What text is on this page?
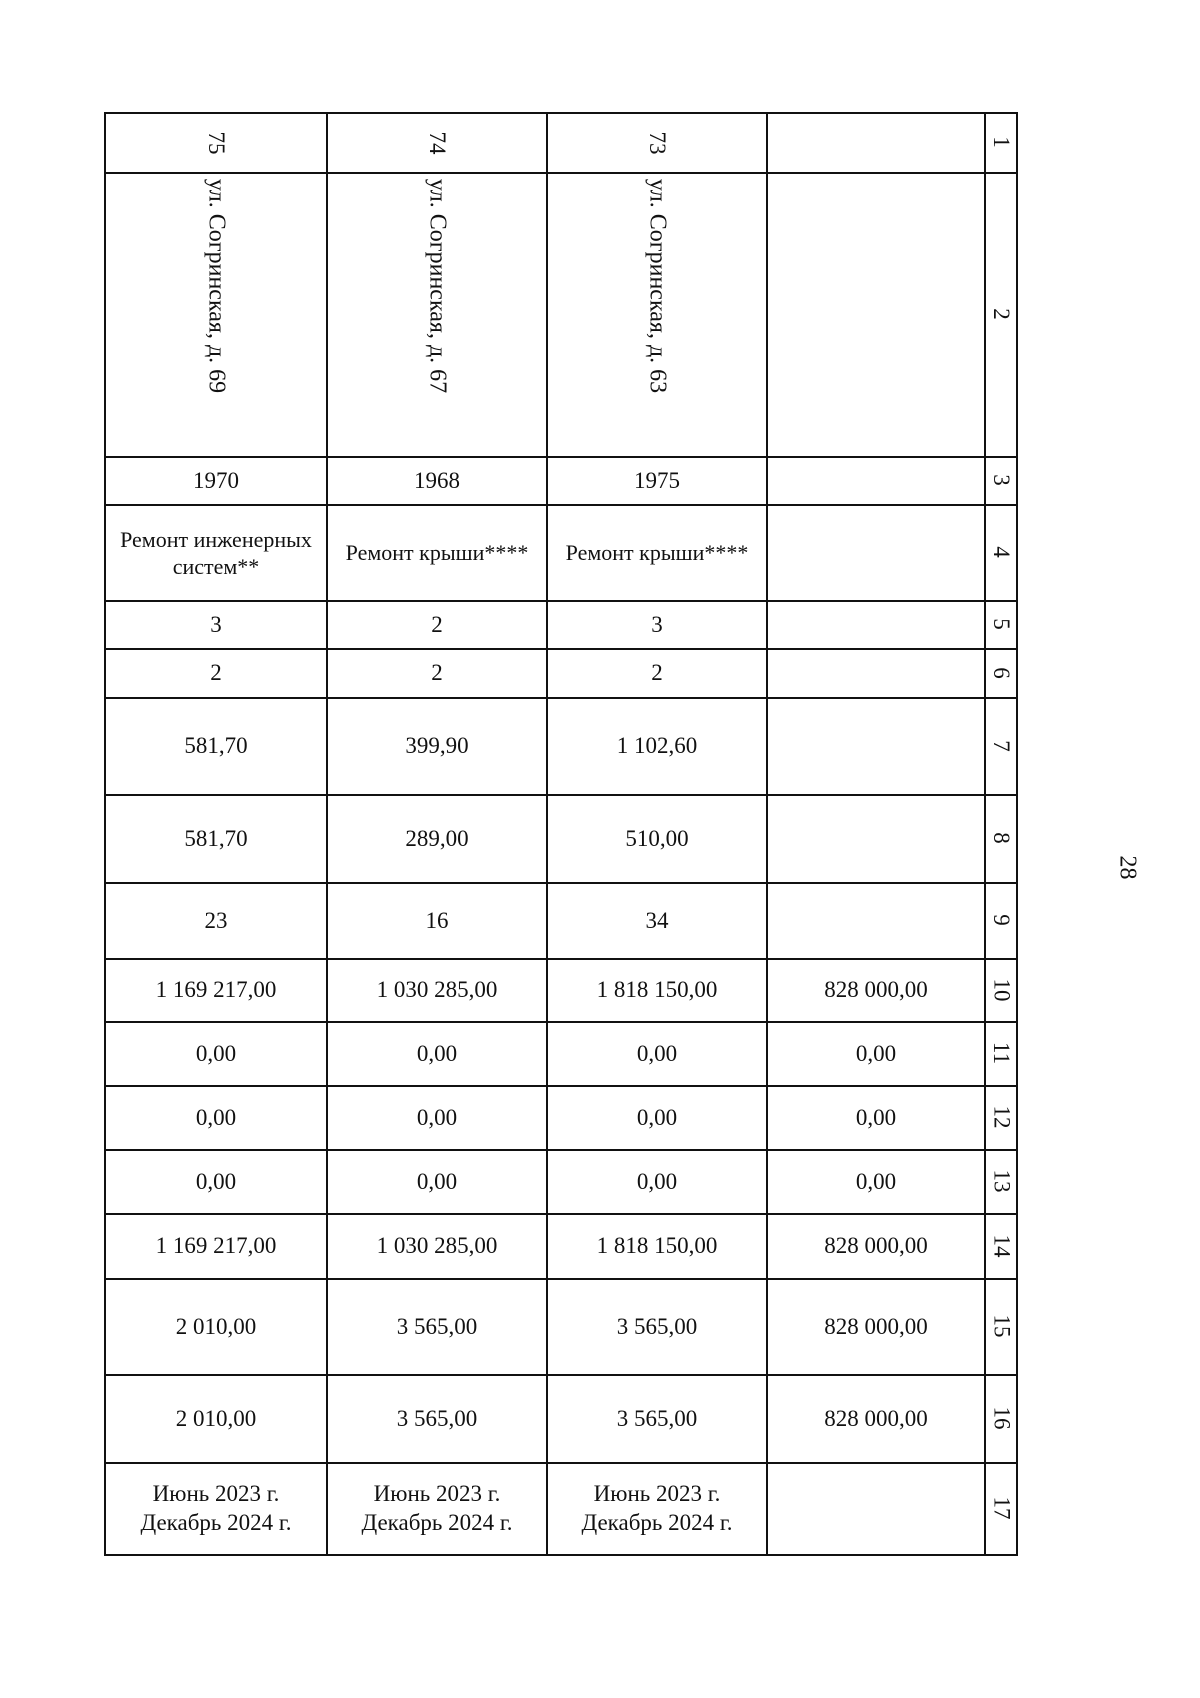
1
2
3
4
5
6
7
8
9
10
11
12
13
14
15
16
17
75
ул. Согринская, д. 69
1970
Ремонт инженерных систем**
3
2
581,70
581,70
23
1 169 217,00
0,00
0,00
0,00
1 169 217,00
2 010,00
2 010,00
Июнь 2023 г.
Декабрь 2024 г.
74
ул. Согринская, д. 67
1968
Ремонт крыши****
2
2
399,90
289,00
16
1 030 285,00
0,00
0,00
0,00
1 030 285,00
3 565,00
3 565,00
Июнь 2023 г.
Декабрь 2024 г.
73
ул. Согринская, д. 63
1975
Ремонт крыши****
3
2
1 102,60
510,00
34
1 818 150,00
0,00
0,00
0,00
1 818 150,00
3 565,00
3 565,00
Июнь 2023 г.
Декабрь 2024 г.
828 000,00
0,00
0,00
0,00
828 000,00
828 000,00
828 000,00
28
